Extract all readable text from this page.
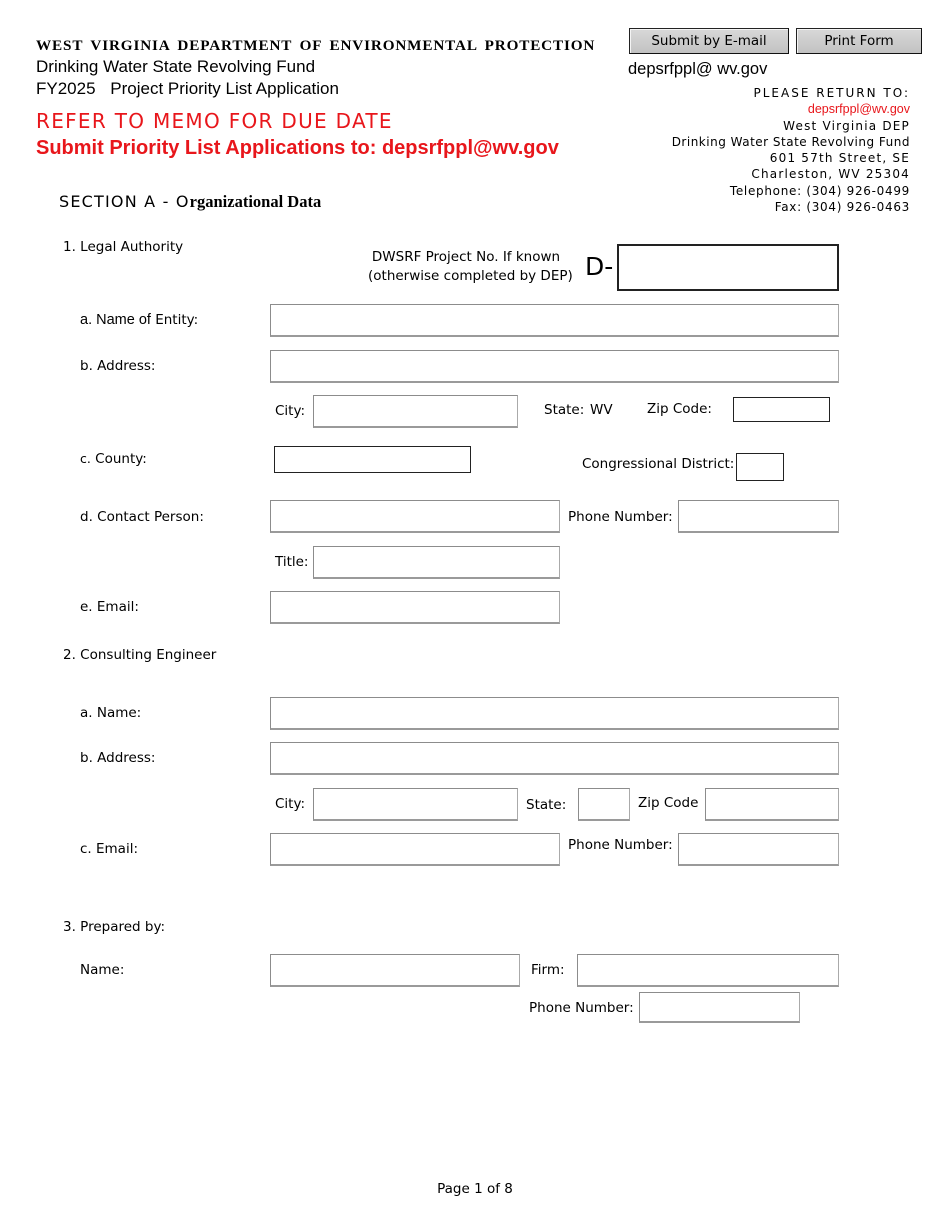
WEST VIRGINIA DEPARTMENT OF ENVIRONMENTAL PROTECTION
Drinking Water State Revolving Fund
FY2025 Project Priority List Application
REFER TO MEMO FOR DUE DATE
Submit Priority List Applications to: depsrfppl@wv.gov
Submit by E-mail	Print Form
depsrfppl@ wv.gov
PLEASE RETURN TO:
depsrfppl@wv.gov
West Virginia DEP
Drinking Water State Revolving Fund
601 57th Street, SE
Charleston, WV 25304
Telephone: (304) 926-0499
Fax: (304) 926-0463
SECTION A - Organizational Data
1. Legal Authority
DWSRF Project No. If known
(otherwise completed by DEP) D-
a. Name of Entity:
b. Address:
City:	State: WV	Zip Code:
c. County:	Congressional District:
d. Contact Person:	Phone Number:
Title:
e. Email:
2. Consulting Engineer
a. Name:
b. Address:
City:	State:	Zip Code
c. Email:	Phone Number:
3. Prepared by:
Name:	Firm:
Phone Number:
Page 1 of 8
